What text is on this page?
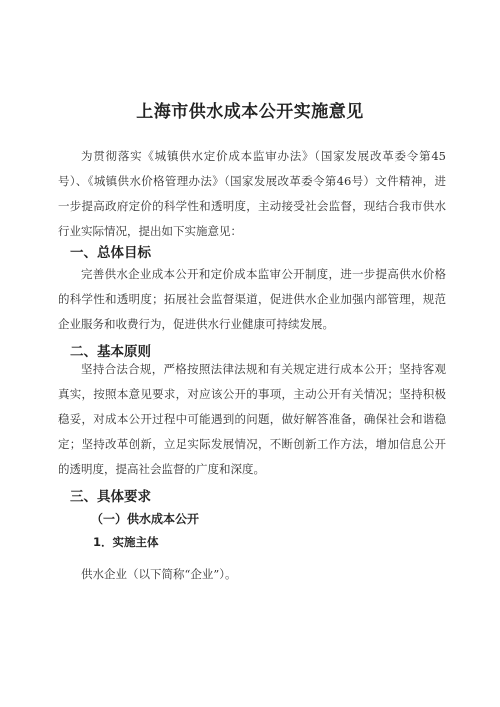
上海市供水成本公开实施意见

为贯彻落实《城镇供水定价成本监审办法》（国家发展改革委令第45号）、《城镇供水价格管理办法》（国家发展改革委令第46号）文件精神，进一步提高政府定价的科学性和透明度，主动接受社会监督，现结合我市供水行业实际情况，提出如下实施意见：

一、总体目标

完善供水企业成本公开和定价成本监审公开制度，进一步提高供水价格的科学性和透明度；拓展社会监督渠道，促进供水企业加强内部管理，规范企业服务和收费行为，促进供水行业健康可持续发展。

二、基本原则

坚持合法合规，严格按照法律法规和有关规定进行成本公开；坚持客观真实，按照本意见要求，对应该公开的事项，主动公开有关情况；坚持积极稳妥，对成本公开过程中可能遇到的问题，做好解答准备，确保社会和谐稳定；坚持改革创新，立足实际发展情况，不断创新工作方法，增加信息公开的透明度，提高社会监督的广度和深度。

三、具体要求
（一）供水成本公开
1．实施主体
供水企业（以下简称“企业”）。
